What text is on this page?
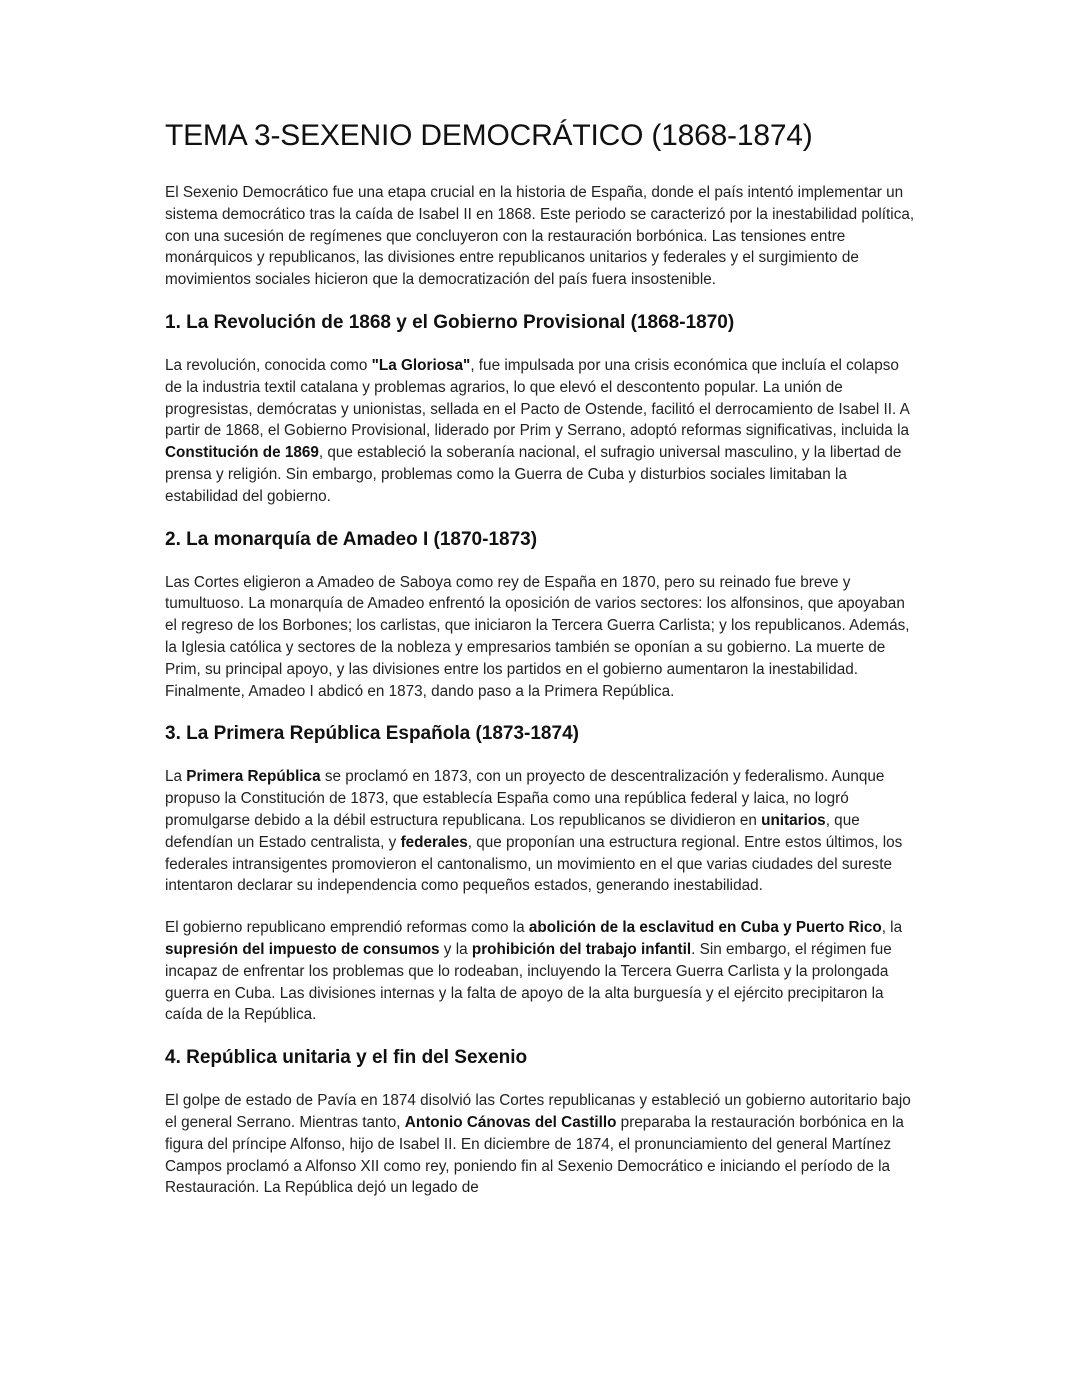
TEMA 3-SEXENIO DEMOCRÁTICO (1868-1874)

El Sexenio Democrático fue una etapa crucial en la historia de España, donde el país intentó implementar un sistema democrático tras la caída de Isabel II en 1868. Este periodo se caracterizó por la inestabilidad política, con una sucesión de regímenes que concluyeron con la restauración borbónica. Las tensiones entre monárquicos y republicanos, las divisiones entre republicanos unitarios y federales y el surgimiento de movimientos sociales hicieron que la democratización del país fuera insostenible.

1. La Revolución de 1868 y el Gobierno Provisional (1868-1870)

La revolución, conocida como "La Gloriosa", fue impulsada por una crisis económica que incluía el colapso de la industria textil catalana y problemas agrarios, lo que elevó el descontento popular. La unión de progresistas, demócratas y unionistas, sellada en el Pacto de Ostende, facilitó el derrocamiento de Isabel II. A partir de 1868, el Gobierno Provisional, liderado por Prim y Serrano, adoptó reformas significativas, incluida la Constitución de 1869, que estableció la soberanía nacional, el sufragio universal masculino, y la libertad de prensa y religión. Sin embargo, problemas como la Guerra de Cuba y disturbios sociales limitaban la estabilidad del gobierno.

2. La monarquía de Amadeo I (1870-1873)

Las Cortes eligieron a Amadeo de Saboya como rey de España en 1870, pero su reinado fue breve y tumultuoso. La monarquía de Amadeo enfrentó la oposición de varios sectores: los alfonsinos, que apoyaban el regreso de los Borbones; los carlistas, que iniciaron la Tercera Guerra Carlista; y los republicanos. Además, la Iglesia católica y sectores de la nobleza y empresarios también se oponían a su gobierno. La muerte de Prim, su principal apoyo, y las divisiones entre los partidos en el gobierno aumentaron la inestabilidad. Finalmente, Amadeo I abdicó en 1873, dando paso a la Primera República.

3. La Primera República Española (1873-1874)

La Primera República se proclamó en 1873, con un proyecto de descentralización y federalismo. Aunque propuso la Constitución de 1873, que establecía España como una república federal y laica, no logró promulgarse debido a la débil estructura republicana. Los republicanos se dividieron en unitarios, que defendían un Estado centralista, y federales, que proponían una estructura regional. Entre estos últimos, los federales intransigentes promovieron el cantonalismo, un movimiento en el que varias ciudades del sureste intentaron declarar su independencia como pequeños estados, generando inestabilidad.

El gobierno republicano emprendió reformas como la abolición de la esclavitud en Cuba y Puerto Rico, la supresión del impuesto de consumos y la prohibición del trabajo infantil. Sin embargo, el régimen fue incapaz de enfrentar los problemas que lo rodeaban, incluyendo la Tercera Guerra Carlista y la prolongada guerra en Cuba. Las divisiones internas y la falta de apoyo de la alta burguesía y el ejército precipitaron la caída de la República.

4. República unitaria y el fin del Sexenio

El golpe de estado de Pavía en 1874 disolvió las Cortes republicanas y estableció un gobierno autoritario bajo el general Serrano. Mientras tanto, Antonio Cánovas del Castillo preparaba la restauración borbónica en la figura del príncipe Alfonso, hijo de Isabel II. En diciembre de 1874, el pronunciamiento del general Martínez Campos proclamó a Alfonso XII como rey, poniendo fin al Sexenio Democrático e iniciando el período de la Restauración. La República dejó un legado de
